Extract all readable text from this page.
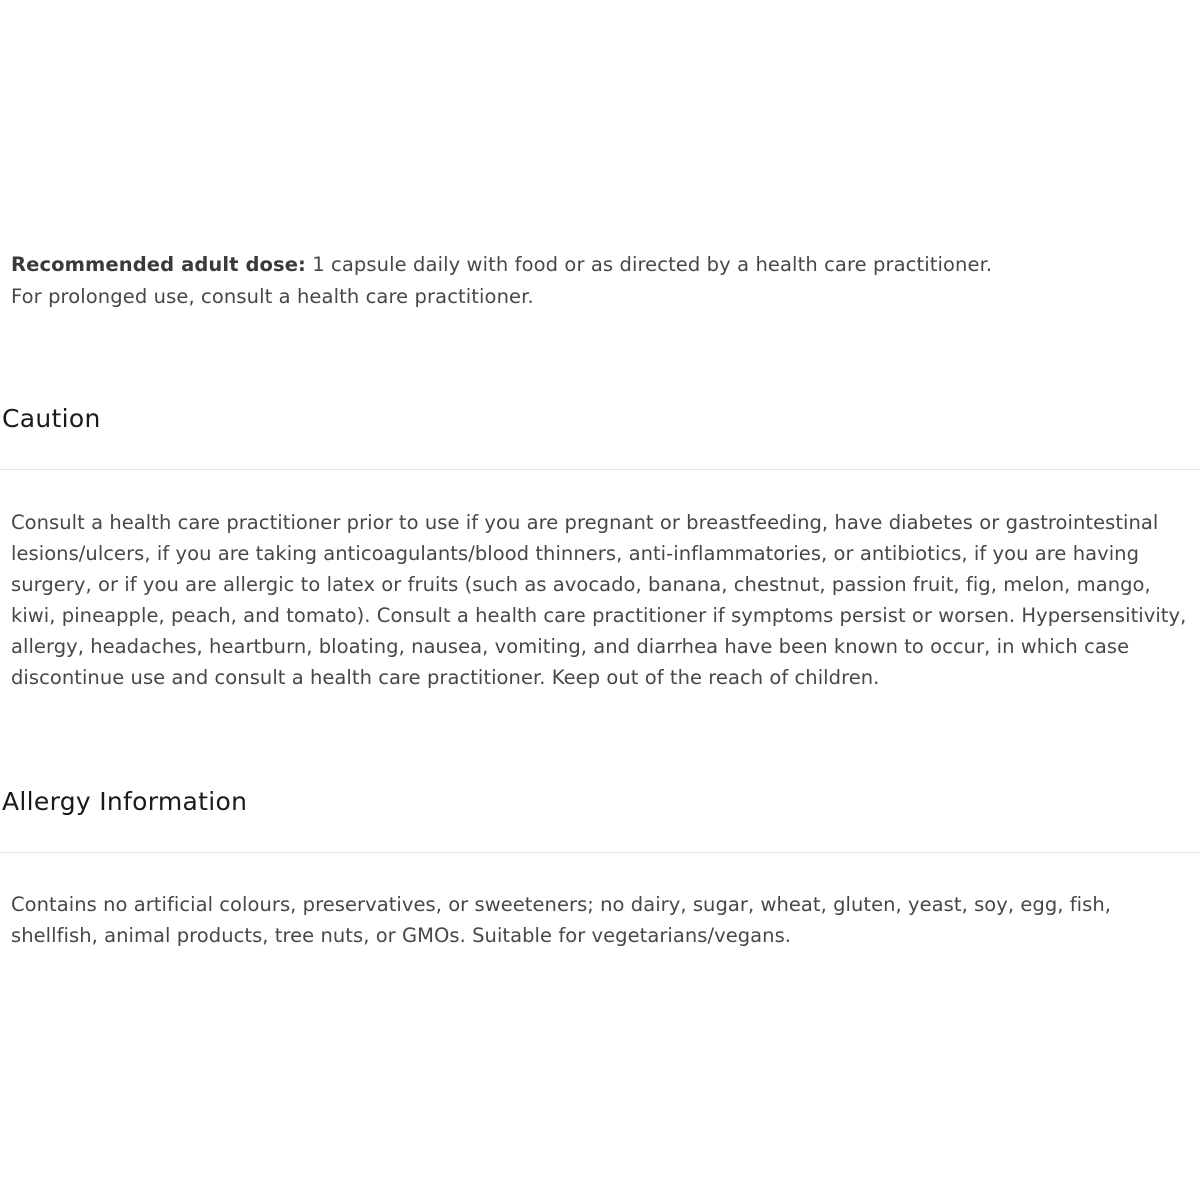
Recommended adult dose: 1 capsule daily with food or as directed by a health care practitioner.
For prolonged use, consult a health care practitioner.

Caution

Consult a health care practitioner prior to use if you are pregnant or breastfeeding, have diabetes or gastrointestinal lesions/ulcers, if you are taking anticoagulants/blood thinners, anti-inflammatories, or antibiotics, if you are having surgery, or if you are allergic to latex or fruits (such as avocado, banana, chestnut, passion fruit, fig, melon, mango, kiwi, pineapple, peach, and tomato). Consult a health care practitioner if symptoms persist or worsen. Hypersensitivity, allergy, headaches, heartburn, bloating, nausea, vomiting, and diarrhea have been known to occur, in which case discontinue use and consult a health care practitioner. Keep out of the reach of children.

Allergy Information

Contains no artificial colours, preservatives, or sweeteners; no dairy, sugar, wheat, gluten, yeast, soy, egg, fish, shellfish, animal products, tree nuts, or GMOs. Suitable for vegetarians/vegans.
